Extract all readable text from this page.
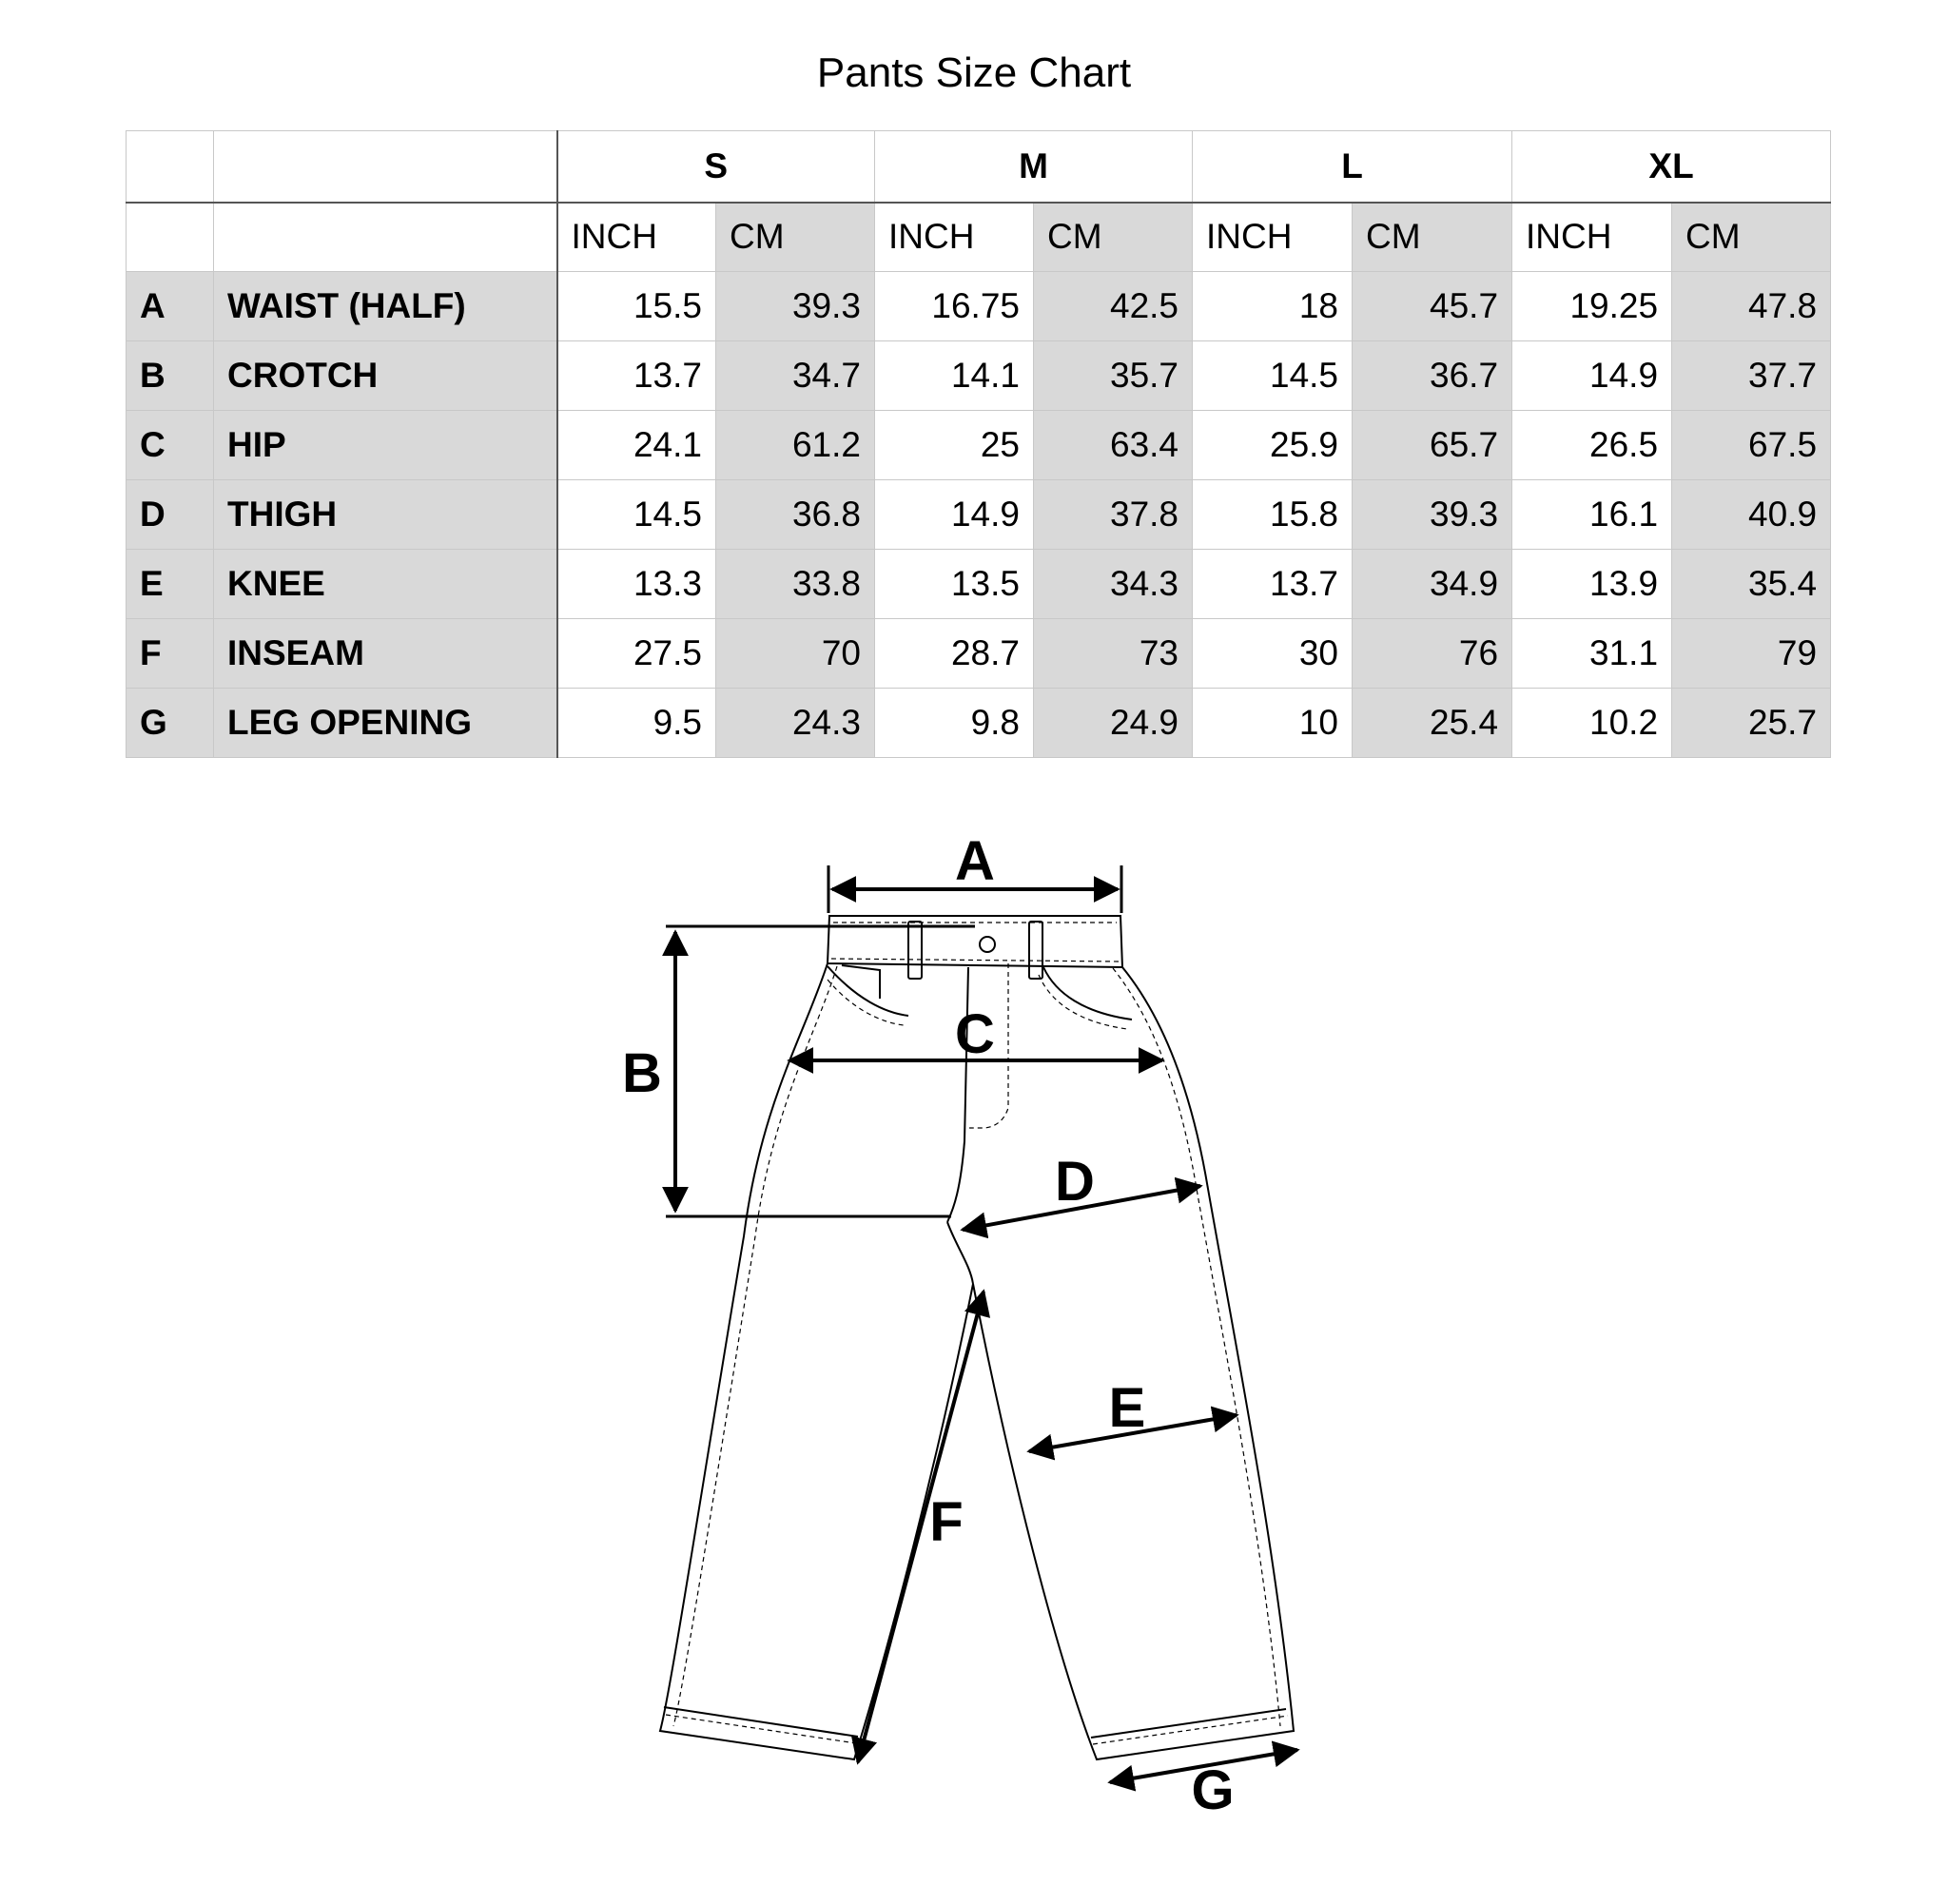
Pants Size Chart
		S		M		L		XL	
		INCH	CM	INCH	CM	INCH	CM	INCH	CM
A	WAIST (HALF)	15.5	39.3	16.75	42.5	18	45.7	19.25	47.8
B	CROTCH	13.7	34.7	14.1	35.7	14.5	36.7	14.9	37.7
C	HIP	24.1	61.2	25	63.4	25.9	65.7	26.5	67.5
D	THIGH	14.5	36.8	14.9	37.8	15.8	39.3	16.1	40.9
E	KNEE	13.3	33.8	13.5	34.3	13.7	34.9	13.9	35.4
F	INSEAM	27.5	70	28.7	73	30	76	31.1	79
G	LEG OPENING	9.5	24.3	9.8	24.9	10	25.4	10.2	25.7
A
B
C
D
E
F
G
